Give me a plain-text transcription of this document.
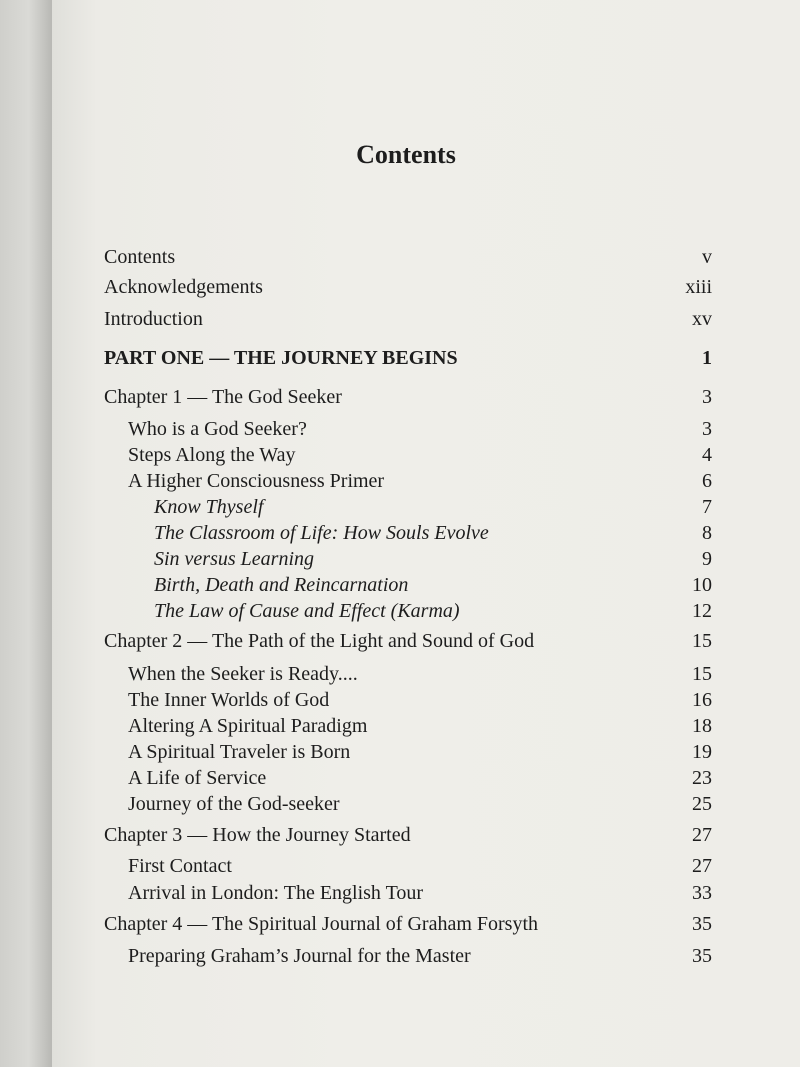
Contents
Contents	v
Acknowledgements	xiii
Introduction	xv
PART ONE — THE JOURNEY BEGINS	1
Chapter 1 — The God Seeker	3
Who is a God Seeker?	3
Steps Along the Way	4
A Higher Consciousness Primer	6
Know Thyself	7
The Classroom of Life: How Souls Evolve	8
Sin versus Learning	9
Birth, Death and Reincarnation	10
The Law of Cause and Effect (Karma)	12
Chapter 2 — The Path of the Light and Sound of God	15
When the Seeker is Ready....	15
The Inner Worlds of God	16
Altering A Spiritual Paradigm	18
A Spiritual Traveler is Born	19
A Life of Service	23
Journey of the God-seeker	25
Chapter 3 — How the Journey Started	27
First Contact	27
Arrival in London: The English Tour	33
Chapter 4 — The Spiritual Journal of Graham Forsyth	35
Preparing Graham’s Journal for the Master	35
